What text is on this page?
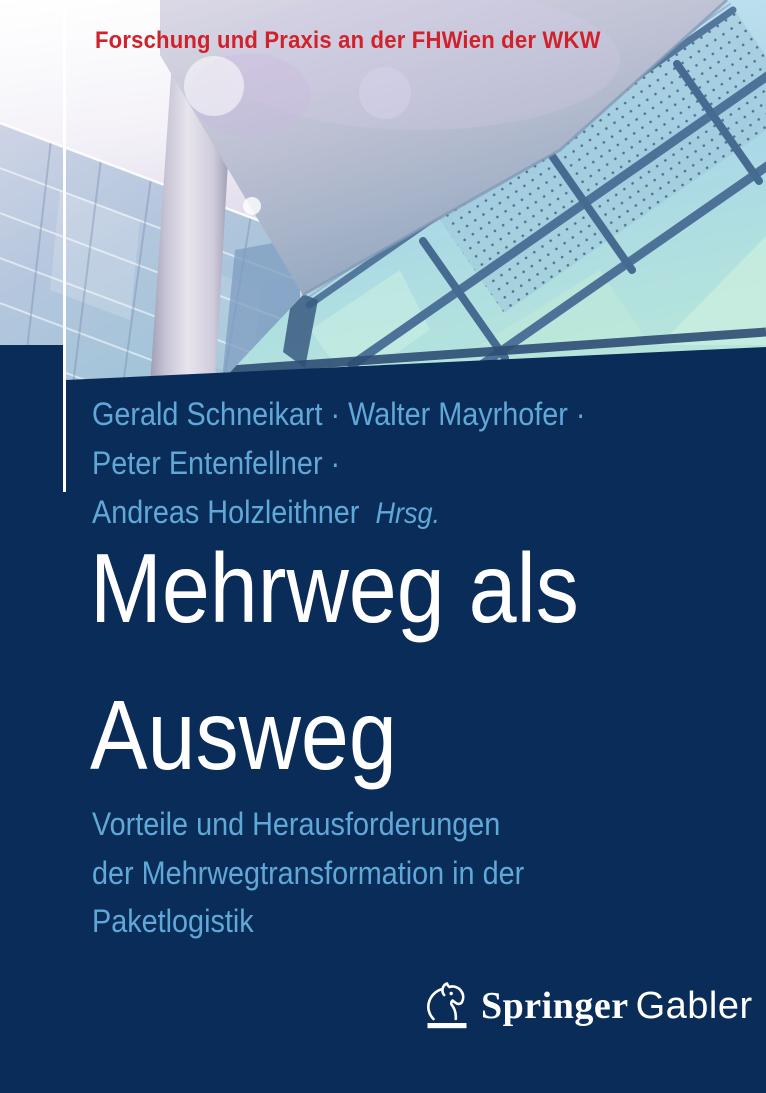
Forschung und Praxis an der FHWien der WKW
Gerald Schneikart · Walter Mayrhofer ·
Peter Entenfellner ·
Andreas Holzleithner Hrsg.
Mehrweg als
Ausweg
Vorteile und Herausforderungen
der Mehrwegtransformation in der
Paketlogistik
Springer Gabler
